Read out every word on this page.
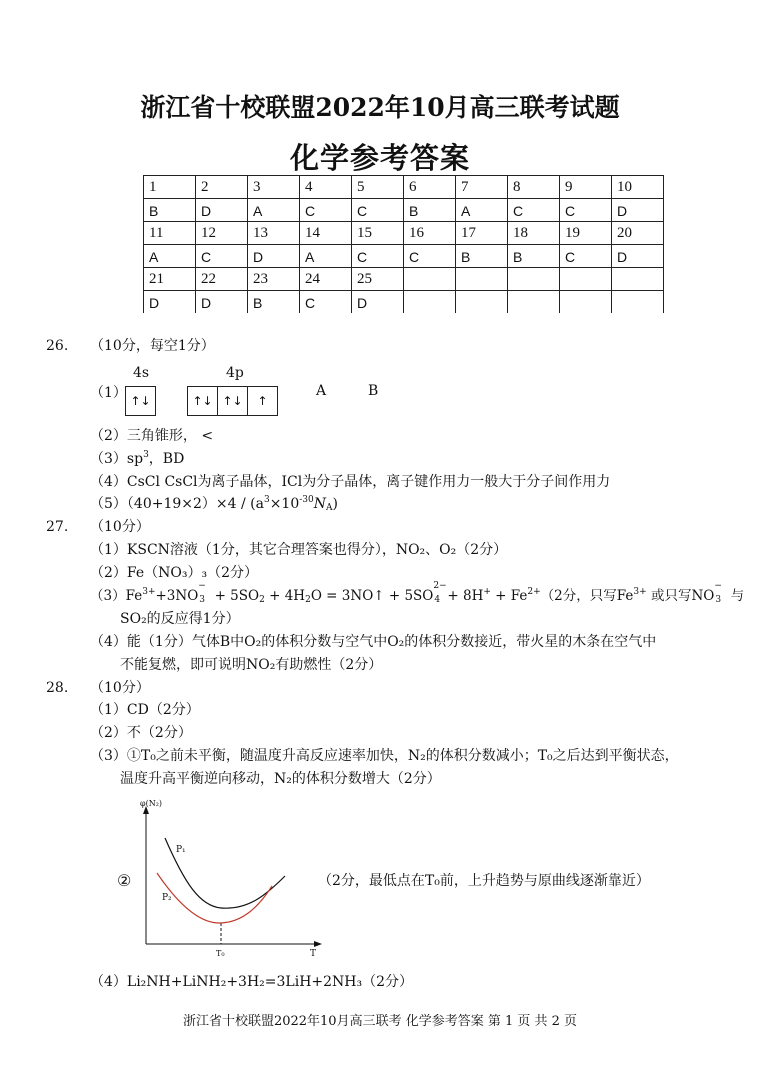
浙江省十校联盟2022年10月高三联考试题
化学参考答案
1	2	3	4	5	6	7	8	9	10
B	D	A	C	C	B	A	C	C	D
11	12	13	14	15	16	17	18	19	20
A	C	D	A	C	C	B	B	C	D
21	22	23	24	25					
D	D	B	C	D					
26. （10分，每空1分）
（1）
4s	4p
↑↓	↑↓ ↑↓	↑
A	B
（2）三角锥形， <
$(3)sp^3$，BD
（4）CsCl CsCl为离子晶体，ICl为分子晶体，离子键作用力一般大于分子间作用力
$(5)(40+19\times 2)\times 4 / (a^3\times 10^{-30}N_A)$
27. （10分）
（1）KSCN溶液（1分，其它合理答案也得分），NO₂、O₂（2分）
（2）Fe（NO₃）₃（2分）
$(3)Fe^{3+}+3NO$
−
$3 + 5SO_2 + 4H_2O$ = 3NO↑ + 5SO
2−
$4 + 8H^+ + Fe^{2+}(2$分，只写$Fe^{3+}$ 或只写NO
−
3 与
SO₂的反应得1分）
（4）能（1分）气体B中O₂的体积分数与空气中O₂的体积分数接近，带火星的木条在空气中
不能复燃，即可说明NO₂有助燃性（2分）
28. （10分）
（1）CD（2分）
（2）不（2分）
（3）①T₀之前未平衡，随温度升高反应速率加快，N₂的体积分数减小；T₀之后达到平衡状态，
温度升高平衡逆向移动，N₂的体积分数增大（2分）
②
φ(N₂)
T
T₀
P₁
P₂
（2分，最低点在T₀前，上升趋势与原曲线逐渐靠近）
（4）Li₂NH+LiNH₂+3H₂=3LiH+2NH₃（2分）
浙江省十校联盟2022年10月高三联考 化学参考答案 第 1 页 共 2 页
